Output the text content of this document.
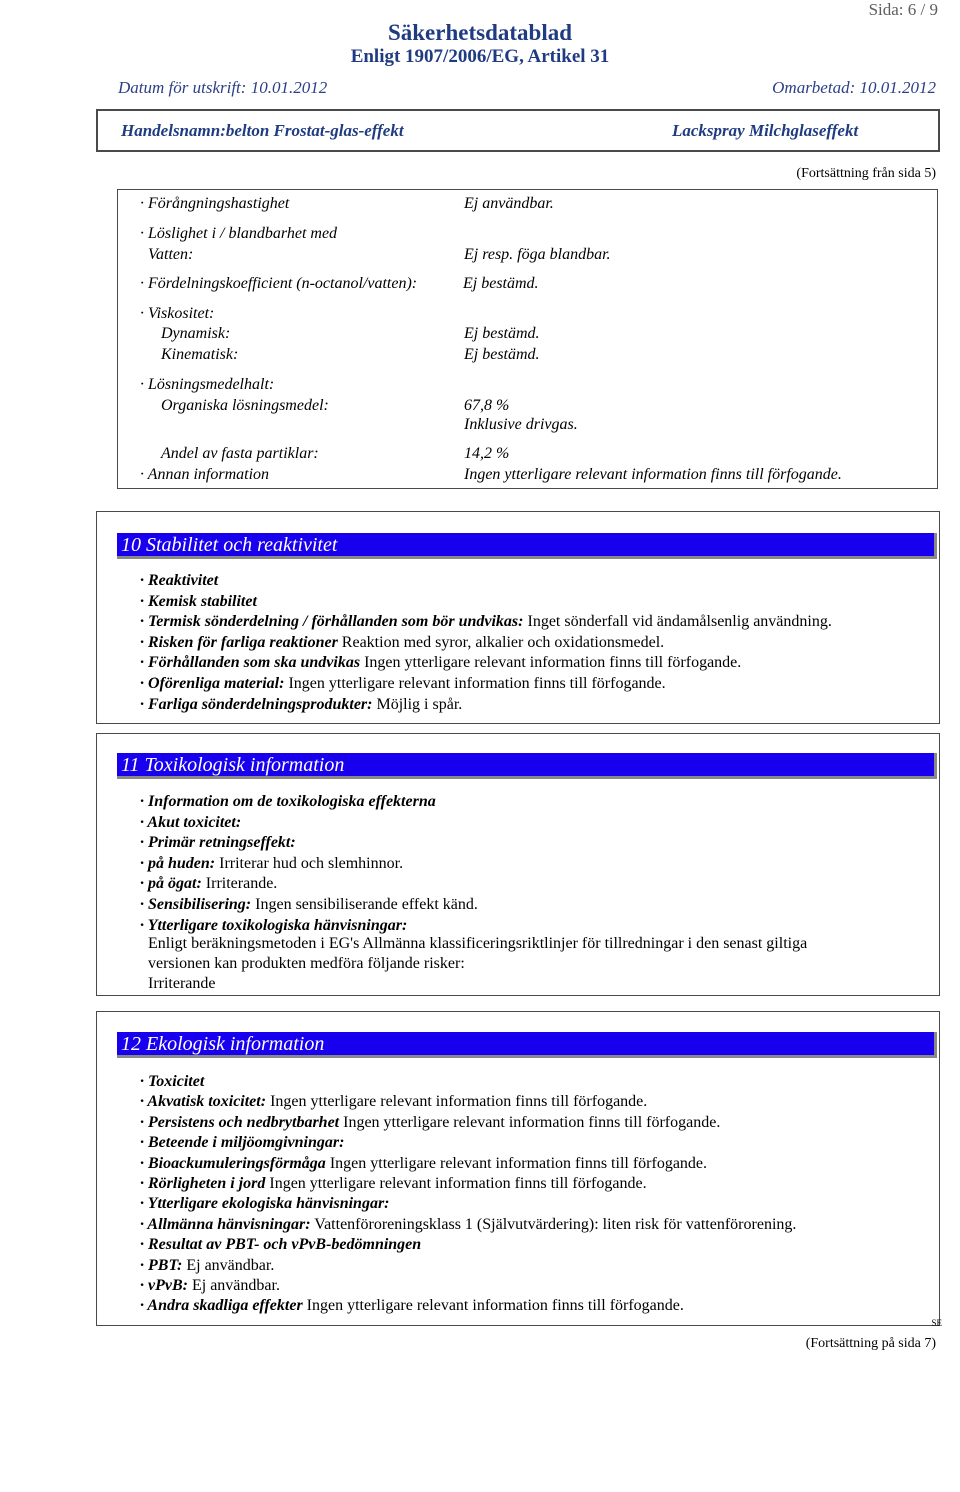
Sida: 6 / 9
Säkerhetsdatablad
Enligt 1907/2006/EG, Artikel 31
Datum för utskrift: 10.01.2012	Omarbetad: 10.01.2012
Handelsnamn:belton Frostat-glas-effekt	Lackspray Milchglaseffekt
(Fortsättning från sida 5)
· Förångningshastighet	Ej användbar.
· Löslighet i / blandbarhet med
Vatten:	Ej resp. föga blandbar.
· Fördelningskoefficient (n-octanol/vatten):	Ej bestämd.
· Viskositet:
Dynamisk:	Ej bestämd.
Kinematisk:	Ej bestämd.
· Lösningsmedelhalt:
Organiska lösningsmedel:	67,8 %
Inklusive drivgas.
Andel av fasta partiklar:	14,2 %
· Annan information	Ingen ytterligare relevant information finns till förfogande.
10 Stabilitet och reaktivitet
· Reaktivitet
· Kemisk stabilitet
· Termisk sönderdelning / förhållanden som bör undvikas: Inget sönderfall vid ändamålsenlig användning.
· Risken för farliga reaktioner Reaktion med syror, alkalier och oxidationsmedel.
· Förhållanden som ska undvikas Ingen ytterligare relevant information finns till förfogande.
· Oförenliga material: Ingen ytterligare relevant information finns till förfogande.
· Farliga sönderdelningsprodukter: Möjlig i spår.
11 Toxikologisk information
· Information om de toxikologiska effekterna
· Akut toxicitet:
· Primär retningseffekt:
· på huden: Irriterar hud och slemhinnor.
· på ögat: Irriterande.
· Sensibilisering: Ingen sensibiliserande effekt känd.
· Ytterligare toxikologiska hänvisningar:
Enligt beräkningsmetoden i EG's Allmänna klassificeringsriktlinjer för tillredningar i den senast giltiga
versionen kan produkten medföra följande risker:
Irriterande
12 Ekologisk information
· Toxicitet
· Akvatisk toxicitet: Ingen ytterligare relevant information finns till förfogande.
· Persistens och nedbrytbarhet Ingen ytterligare relevant information finns till förfogande.
· Beteende i miljöomgivningar:
· Bioackumuleringsförmåga Ingen ytterligare relevant information finns till förfogande.
· Rörligheten i jord Ingen ytterligare relevant information finns till förfogande.
· Ytterligare ekologiska hänvisningar:
· Allmänna hänvisningar: Vattenföroreningsklass 1 (Självutvärdering): liten risk för vattenförorening.
· Resultat av PBT- och vPvB-bedömningen
· PBT: Ej användbar.
· vPvB: Ej användbar.
· Andra skadliga effekter Ingen ytterligare relevant information finns till förfogande.
SE
(Fortsättning på sida 7)
